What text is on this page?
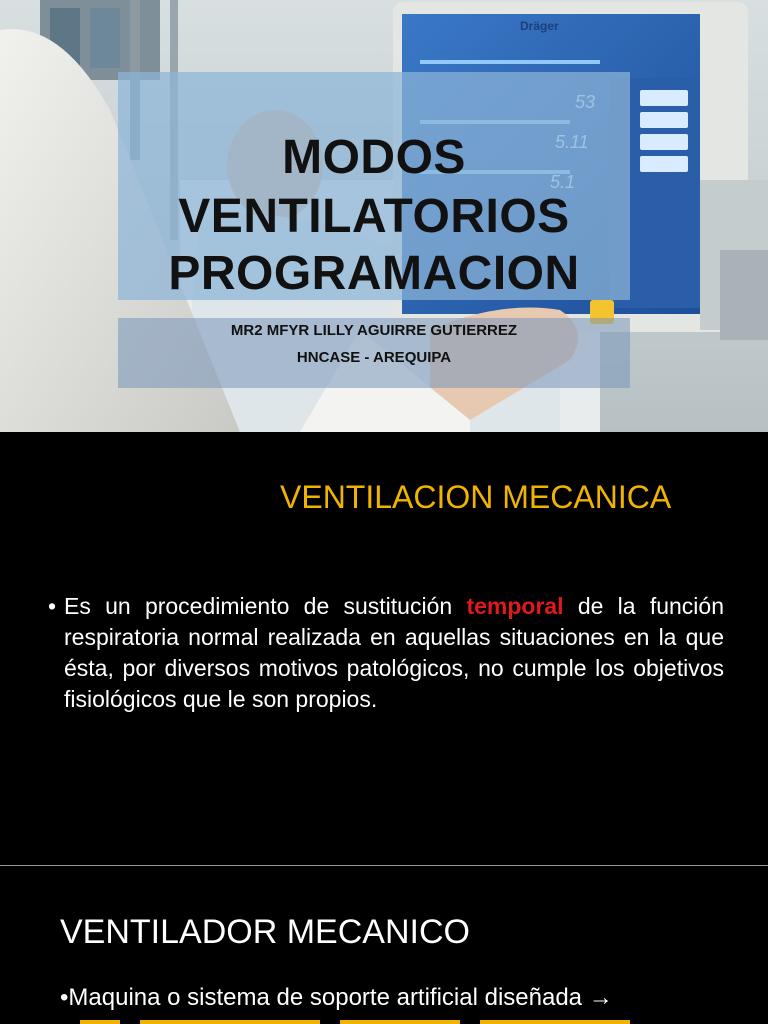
Dräger
MODOS
VENTILATORIOS
PROGRAMACION
MR2 MFYR LILLY AGUIRRE GUTIERREZ
HNCASE - AREQUIPA
VENTILACION MECANICA
• Es un procedimiento de sustitución temporal de la función respiratoria normal realizada en aquellas situaciones en la que ésta, por diversos motivos patológicos, no cumple los objetivos fisiológicos que le son propios.
VENTILADOR MECANICO
•Maquina o sistema de soporte artificial diseñada →
